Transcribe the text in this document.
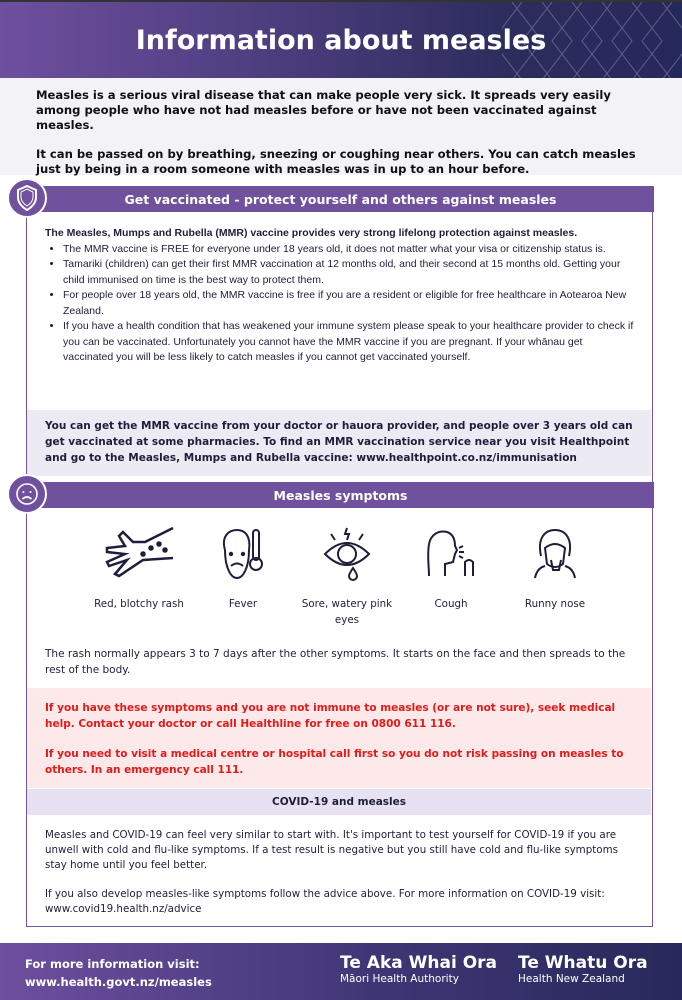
Information about measles

Measles is a serious viral disease that can make people very sick. It spreads very easily among people who have not had measles before or have not been vaccinated against measles.

It can be passed on by breathing, sneezing or coughing near others. You can catch measles just by being in a room someone with measles was in up to an hour before.

Get vaccinated - protect yourself and others against measles

The Measles, Mumps and Rubella (MMR) vaccine provides very strong lifelong protection against measles.

• The MMR vaccine is FREE for everyone under 18 years old, it does not matter what your visa or citizenship status is.
• Tamariki (children) can get their first MMR vaccination at 12 months old, and their second at 15 months old. Getting your child immunised on time is the best way to protect them.
• For people over 18 years old, the MMR vaccine is free if you are a resident or eligible for free healthcare in Aotearoa New Zealand.
• If you have a health condition that has weakened your immune system please speak to your healthcare provider to check if you can be vaccinated. Unfortunately you cannot have the MMR vaccine if you are pregnant. If your whānau get vaccinated you will be less likely to catch measles if you cannot get vaccinated yourself.
You can get the MMR vaccine from your doctor or hauora provider, and people over 3 years old can get vaccinated at some pharmacies. To find an MMR vaccination service near you visit Healthpoint and go to the Measles, Mumps and Rubella vaccine: www.healthpoint.co.nz/immunisation
Measles symptoms
Red, blotchy rash	Fever	Sore, watery pink eyes
Cough	Runny nose

The rash normally appears 3 to 7 days after the other symptoms. It starts on the face and then spreads to the rest of the body.

If you have these symptoms and you are not immune to measles (or are not sure), seek medical help. Contact your doctor or call Healthline for free on 0800 611 116.

If you need to visit a medical centre or hospital call first so you do not risk passing on measles to others. In an emergency call 111.

COVID-19 and measles

Measles and COVID-19 can feel very similar to start with. It's important to test yourself for COVID-19 if you are unwell with cold and flu-like symptoms. If a test result is negative but you still have cold and flu-like symptoms stay home until you feel better.

If you also develop measles-like symptoms follow the advice above. For more information on COVID-19 visit: www.covid19.health.nz/advice

For more information visit:
www.health.govt.nz/measles
Te Aka Whai Ora
Māori Health Authority
Te Whatu Ora
Health New Zealand
